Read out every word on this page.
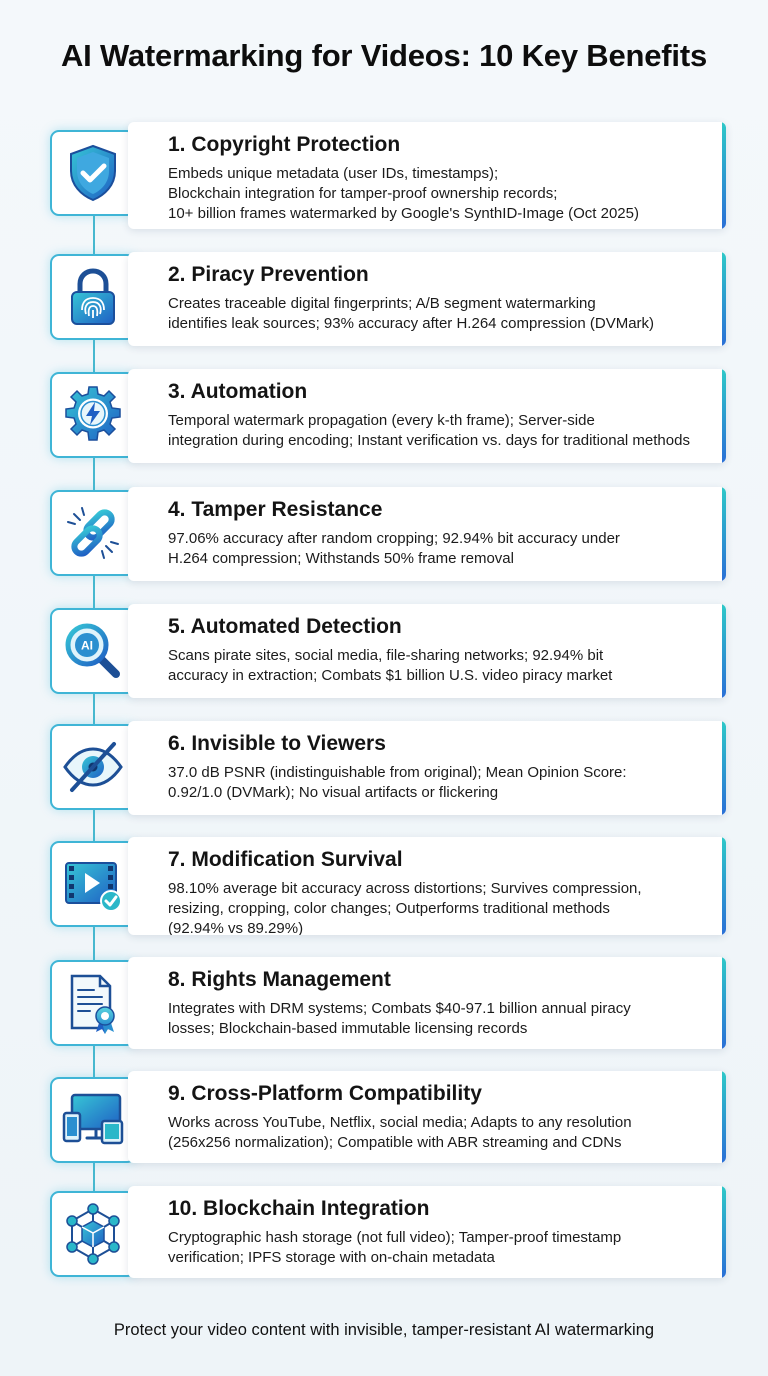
AI Watermarking for Videos: 10 Key Benefits
1. Copyright Protection

Embeds unique metadata (user IDs, timestamps);
Blockchain integration for tamper-proof ownership records;
10+ billion frames watermarked by Google's SynthID-Image (Oct 2025)

2. Piracy Prevention

Creates traceable digital fingerprints; A/B segment watermarking
identifies leak sources; 93% accuracy after H.264 compression (DVMark)

3. Automation

Temporal watermark propagation (every k-th frame); Server-side
integration during encoding; Instant verification vs. days for traditional methods

4. Tamper Resistance

97.06% accuracy after random cropping; 92.94% bit accuracy under
H.264 compression; Withstands 50% frame removal

AI
5. Automated Detection

Scans pirate sites, social media, file-sharing networks; 92.94% bit
accuracy in extraction; Combats $1 billion U.S. video piracy market

6. Invisible to Viewers

37.0 dB PSNR (indistinguishable from original); Mean Opinion Score:
0.92/1.0 (DVMark); No visual artifacts or flickering

7. Modification Survival

98.10% average bit accuracy across distortions; Survives compression,
resizing, cropping, color changes; Outperforms traditional methods
(92.94% vs 89.29%)

8. Rights Management

Integrates with DRM systems; Combats $40-97.1 billion annual piracy
losses; Blockchain-based immutable licensing records

9. Cross-Platform Compatibility

Works across YouTube, Netflix, social media; Adapts to any resolution
(256x256 normalization); Compatible with ABR streaming and CDNs

10. Blockchain Integration

Cryptographic hash storage (not full video); Tamper-proof timestamp
verification; IPFS storage with on-chain metadata

Protect your video content with invisible, tamper-resistant AI watermarking
